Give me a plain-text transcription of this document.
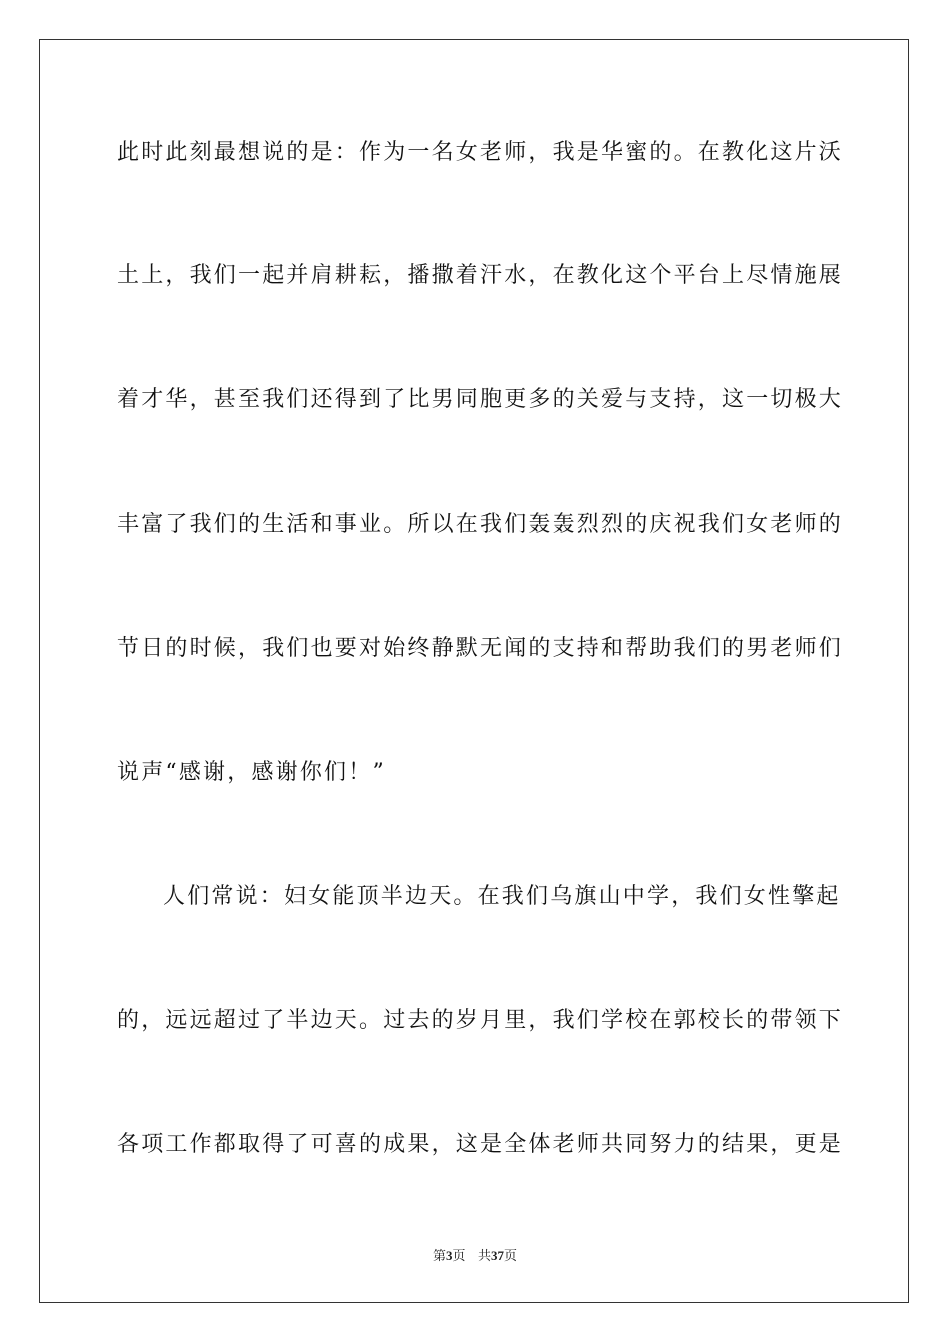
此时此刻最想说的是：作为一名女老师，我是华蜜的。在教化这片沃
土上，我们一起并肩耕耘，播撒着汗水，在教化这个平台上尽情施展
着才华，甚至我们还得到了比男同胞更多的关爱与支持，这一切极大
丰富了我们的生活和事业。所以在我们轰轰烈烈的庆祝我们女老师的
节日的时候，我们也要对始终静默无闻的支持和帮助我们的男老师们
说声“感谢，感谢你们！”
人们常说：妇女能顶半边天。在我们乌旗山中学，我们女性擎起
的，远远超过了半边天。过去的岁月里，我们学校在郭校长的带领下
各项工作都取得了可喜的成果，这是全体老师共同努力的结果，更是
第3页 共37页
